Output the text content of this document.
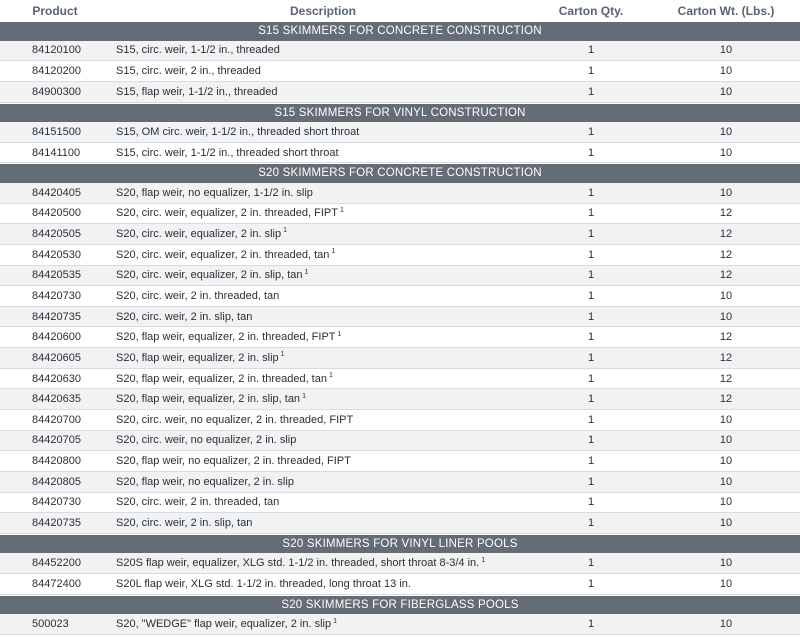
Product	Description	Carton Qty.	Carton Wt. (Lbs.)
S15 SKIMMERS FOR CONCRETE CONSTRUCTION
84120100	S15, circ. weir, 1-1/2 in., threaded	1	10
84120200	S15, circ. weir, 2 in., threaded	1	10
84900300	S15, flap weir, 1-1/2 in., threaded	1	10
S15 SKIMMERS FOR VINYL CONSTRUCTION
84151500	S15, OM circ. weir, 1-1/2 in., threaded short throat	1	10
84141100	S15, circ. weir, 1-1/2 in., threaded short throat	1	10
S20 SKIMMERS FOR CONCRETE CONSTRUCTION
84420405	S20, flap weir, no equalizer, 1-1/2 in. slip	1	10
84420500	S20, circ. weir, equalizer, 2 in. threaded, FIPT $^1$	1	12
84420505	S20, circ. weir, equalizer, 2 in. slip $^1$	1	12
84420530	S20, circ. weir, equalizer, 2 in. threaded, tan $^1$	1	12
84420535	S20, circ. weir, equalizer, 2 in. slip, tan $^1$	1	12
84420730	S20, circ. weir, 2 in. threaded, tan	1	10
84420735	S20, circ. weir, 2 in. slip, tan	1	10
84420600	S20, flap weir, equalizer, 2 in. threaded, FIPT $^1$	1	12
84420605	S20, flap weir, equalizer, 2 in. slip $^1$	1	12
84420630	S20, flap weir, equalizer, 2 in. threaded, tan $^1$	1	12
84420635	S20, flap weir, equalizer, 2 in. slip, tan $^1$	1	12
84420700	S20, circ. weir, no equalizer, 2 in. threaded, FIPT	1	10
84420705	S20, circ. weir, no equalizer, 2 in. slip	1	10
84420800	S20, flap weir, no equalizer, 2 in. threaded, FIPT	1	10
84420805	S20, flap weir, no equalizer, 2 in. slip	1	10
84420730	S20, circ. weir, 2 in. threaded, tan	1	10
84420735	S20, circ. weir, 2 in. slip, tan	1	10
S20 SKIMMERS FOR VINYL LINER POOLS
84452200	S20S flap weir, equalizer, XLG std. 1-1/2 in. threaded, short throat 8-3/4 in. $^1$	1	10
84472400	S20L flap weir, XLG std. 1-1/2 in. threaded, long throat 13 in.	1	10
S20 SKIMMERS FOR FIBERGLASS POOLS
500023	S20, "WEDGE" flap weir, equalizer, 2 in. slip $^1$	1	10
